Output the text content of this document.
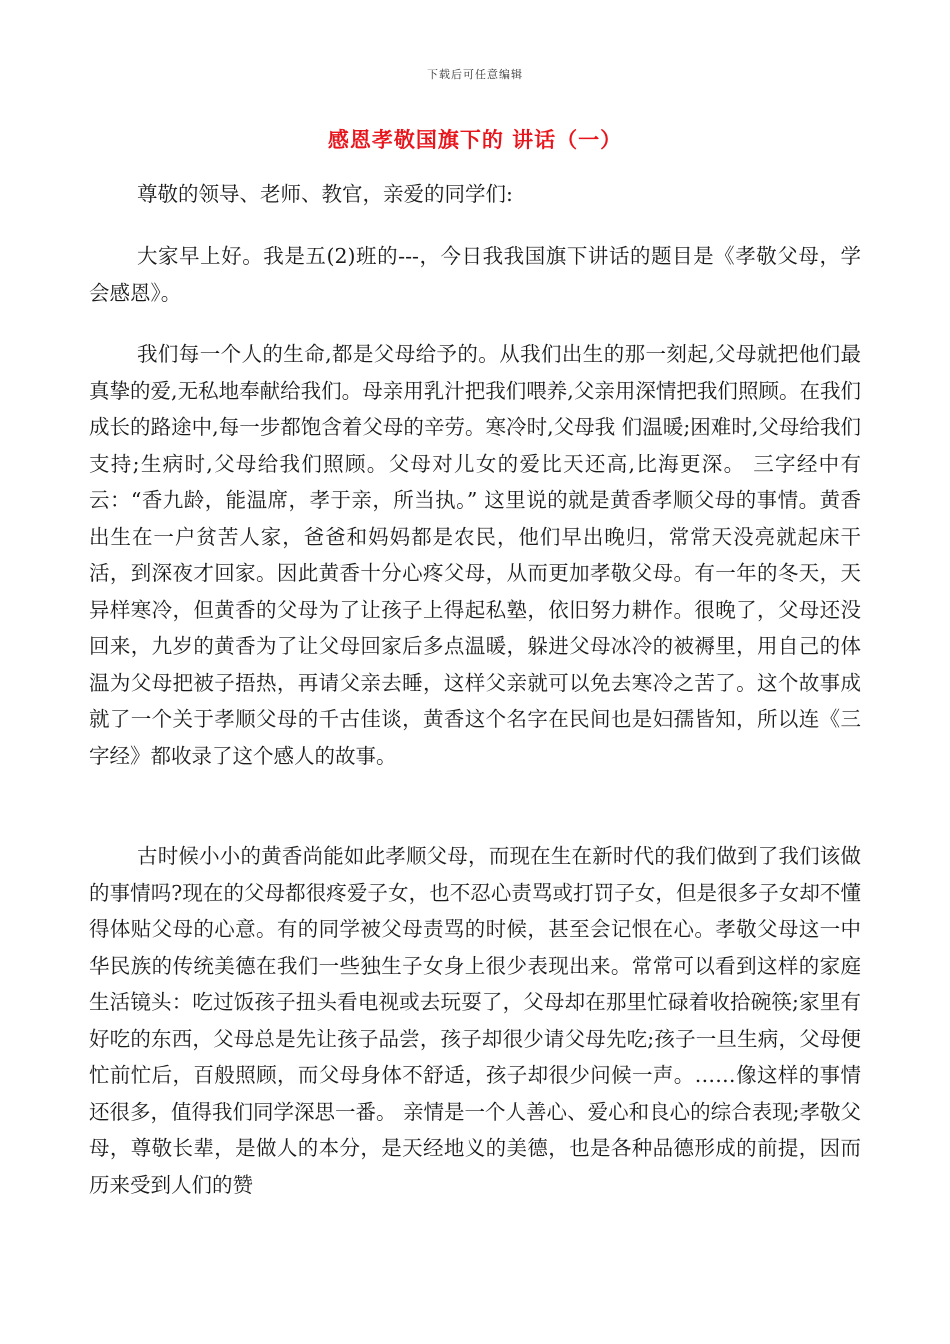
下载后可任意编辑
感恩孝敬国旗下的 讲话（一）

尊敬的领导、老师、教官，亲爱的同学们:

大家早上好。我是五(2)班的---，今日我我国旗下讲话的题目是《孝敬父母，学会感恩》。

我们每一个人的生命,都是父母给予的。从我们出生的那一刻起,父母就把他们最真挚的爱,无私地奉献给我们。母亲用乳汁把我们喂养,父亲用深情把我们照顾。在我们成长的路途中,每一步都饱含着父母的辛劳。寒冷时,父母我 们温暖;困难时,父母给我们支持;生病时,父母给我们照顾。父母对儿女的爱比天还高,比海更深。 三字经中有云：“香九龄，能温席，孝于亲，所当执。” 这里说的就是黄香孝顺父母的事情。黄香出生在一户贫苦人家，爸爸和妈妈都是农民，他们早出晚归，常常天没亮就起床干活，到深夜才回家。因此黄香十分心疼父母，从而更加孝敬父母。有一年的冬天，天异样寒冷，但黄香的父母为了让孩子上得起私塾，依旧努力耕作。很晚了，父母还没回来，九岁的黄香为了让父母回家后多点温暖，躲进父母冰冷的被褥里，用自己的体温为父母把被子捂热，再请父亲去睡，这样父亲就可以免去寒冷之苦了。这个故事成就了一个关于孝顺父母的千古佳谈，黄香这个名字在民间也是妇孺皆知，所以连《三字经》都收录了这个感人的故事。

古时候小小的黄香尚能如此孝顺父母，而现在生在新时代的我们做到了我们该做的事情吗?现在的父母都很疼爱子女，也不忍心责骂或打罚子女，但是很多子女却不懂得体贴父母的心意。有的同学被父母责骂的时候，甚至会记恨在心。孝敬父母这一中华民族的传统美德在我们一些独生子女身上很少表现出来。常常可以看到这样的家庭生活镜头：吃过饭孩子扭头看电视或去玩耍了，父母却在那里忙碌着收拾碗筷;家里有好吃的东西，父母总是先让孩子品尝，孩子却很少请父母先吃;孩子一旦生病，父母便忙前忙后，百般照顾，而父母身体不舒适，孩子却很少问候一声。……像这样的事情还很多，值得我们同学深思一番。 亲情是一个人善心、爱心和良心的综合表现;孝敬父母，尊敬长辈，是做人的本分，是天经地义的美德，也是各种品德形成的前提，因而历来受到人们的赞
